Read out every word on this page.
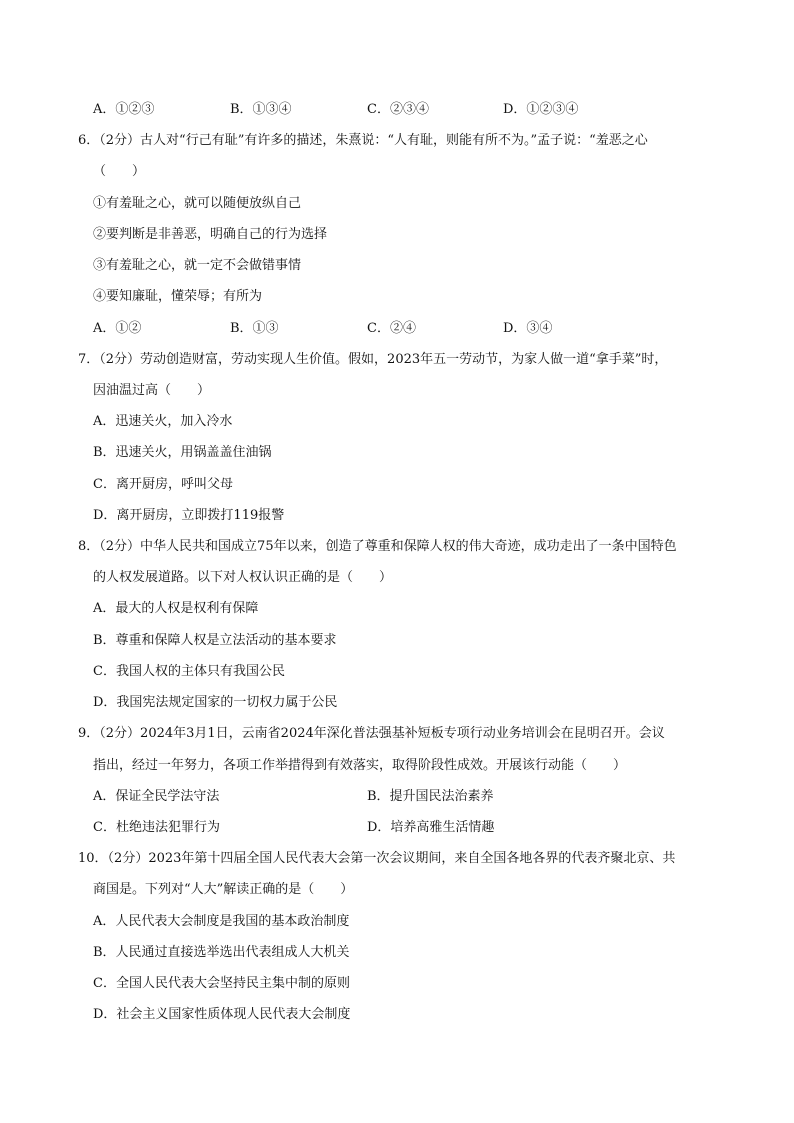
A．①②③	B．①③④	C．②③④	D．①②③④
6．（2分）古人对“行己有耻”有许多的描述，朱熹说：“人有耻，则能有所不为。”孟子说：“羞恶之心
（　　）
①有羞耻之心，就可以随便放纵自己
②要判断是非善恶，明确自己的行为选择
③有羞耻之心，就一定不会做错事情
④要知廉耻，懂荣辱；有所为
A．①②	B．①③	C．②④	D．③④
7．（2分）劳动创造财富，劳动实现人生价值。假如，2023年五一劳动节，为家人做一道“拿手菜”时，
因油温过高（　　）
A．迅速关火，加入冷水
B．迅速关火，用锅盖盖住油锅
C．离开厨房，呼叫父母
D．离开厨房，立即拨打119报警
8．（2分）中华人民共和国成立75年以来，创造了尊重和保障人权的伟大奇迹，成功走出了一条中国特色
的人权发展道路。以下对人权认识正确的是（　　）
A．最大的人权是权利有保障
B．尊重和保障人权是立法活动的基本要求
C．我国人权的主体只有我国公民
D．我国宪法规定国家的一切权力属于公民
9．（2分）2024年3月1日，云南省2024年深化普法强基补短板专项行动业务培训会在昆明召开。会议
指出，经过一年努力，各项工作举措得到有效落实，取得阶段性成效。开展该行动能（　　）
A．保证全民学法守法	B．提升国民法治素养
C．杜绝违法犯罪行为	D．培养高雅生活情趣
10．（2分）2023年第十四届全国人民代表大会第一次会议期间，来自全国各地各界的代表齐聚北京、共
商国是。下列对“人大”解读正确的是（　　）
A．人民代表大会制度是我国的基本政治制度
B．人民通过直接选举选出代表组成人大机关
C．全国人民代表大会坚持民主集中制的原则
D．社会主义国家性质体现人民代表大会制度
